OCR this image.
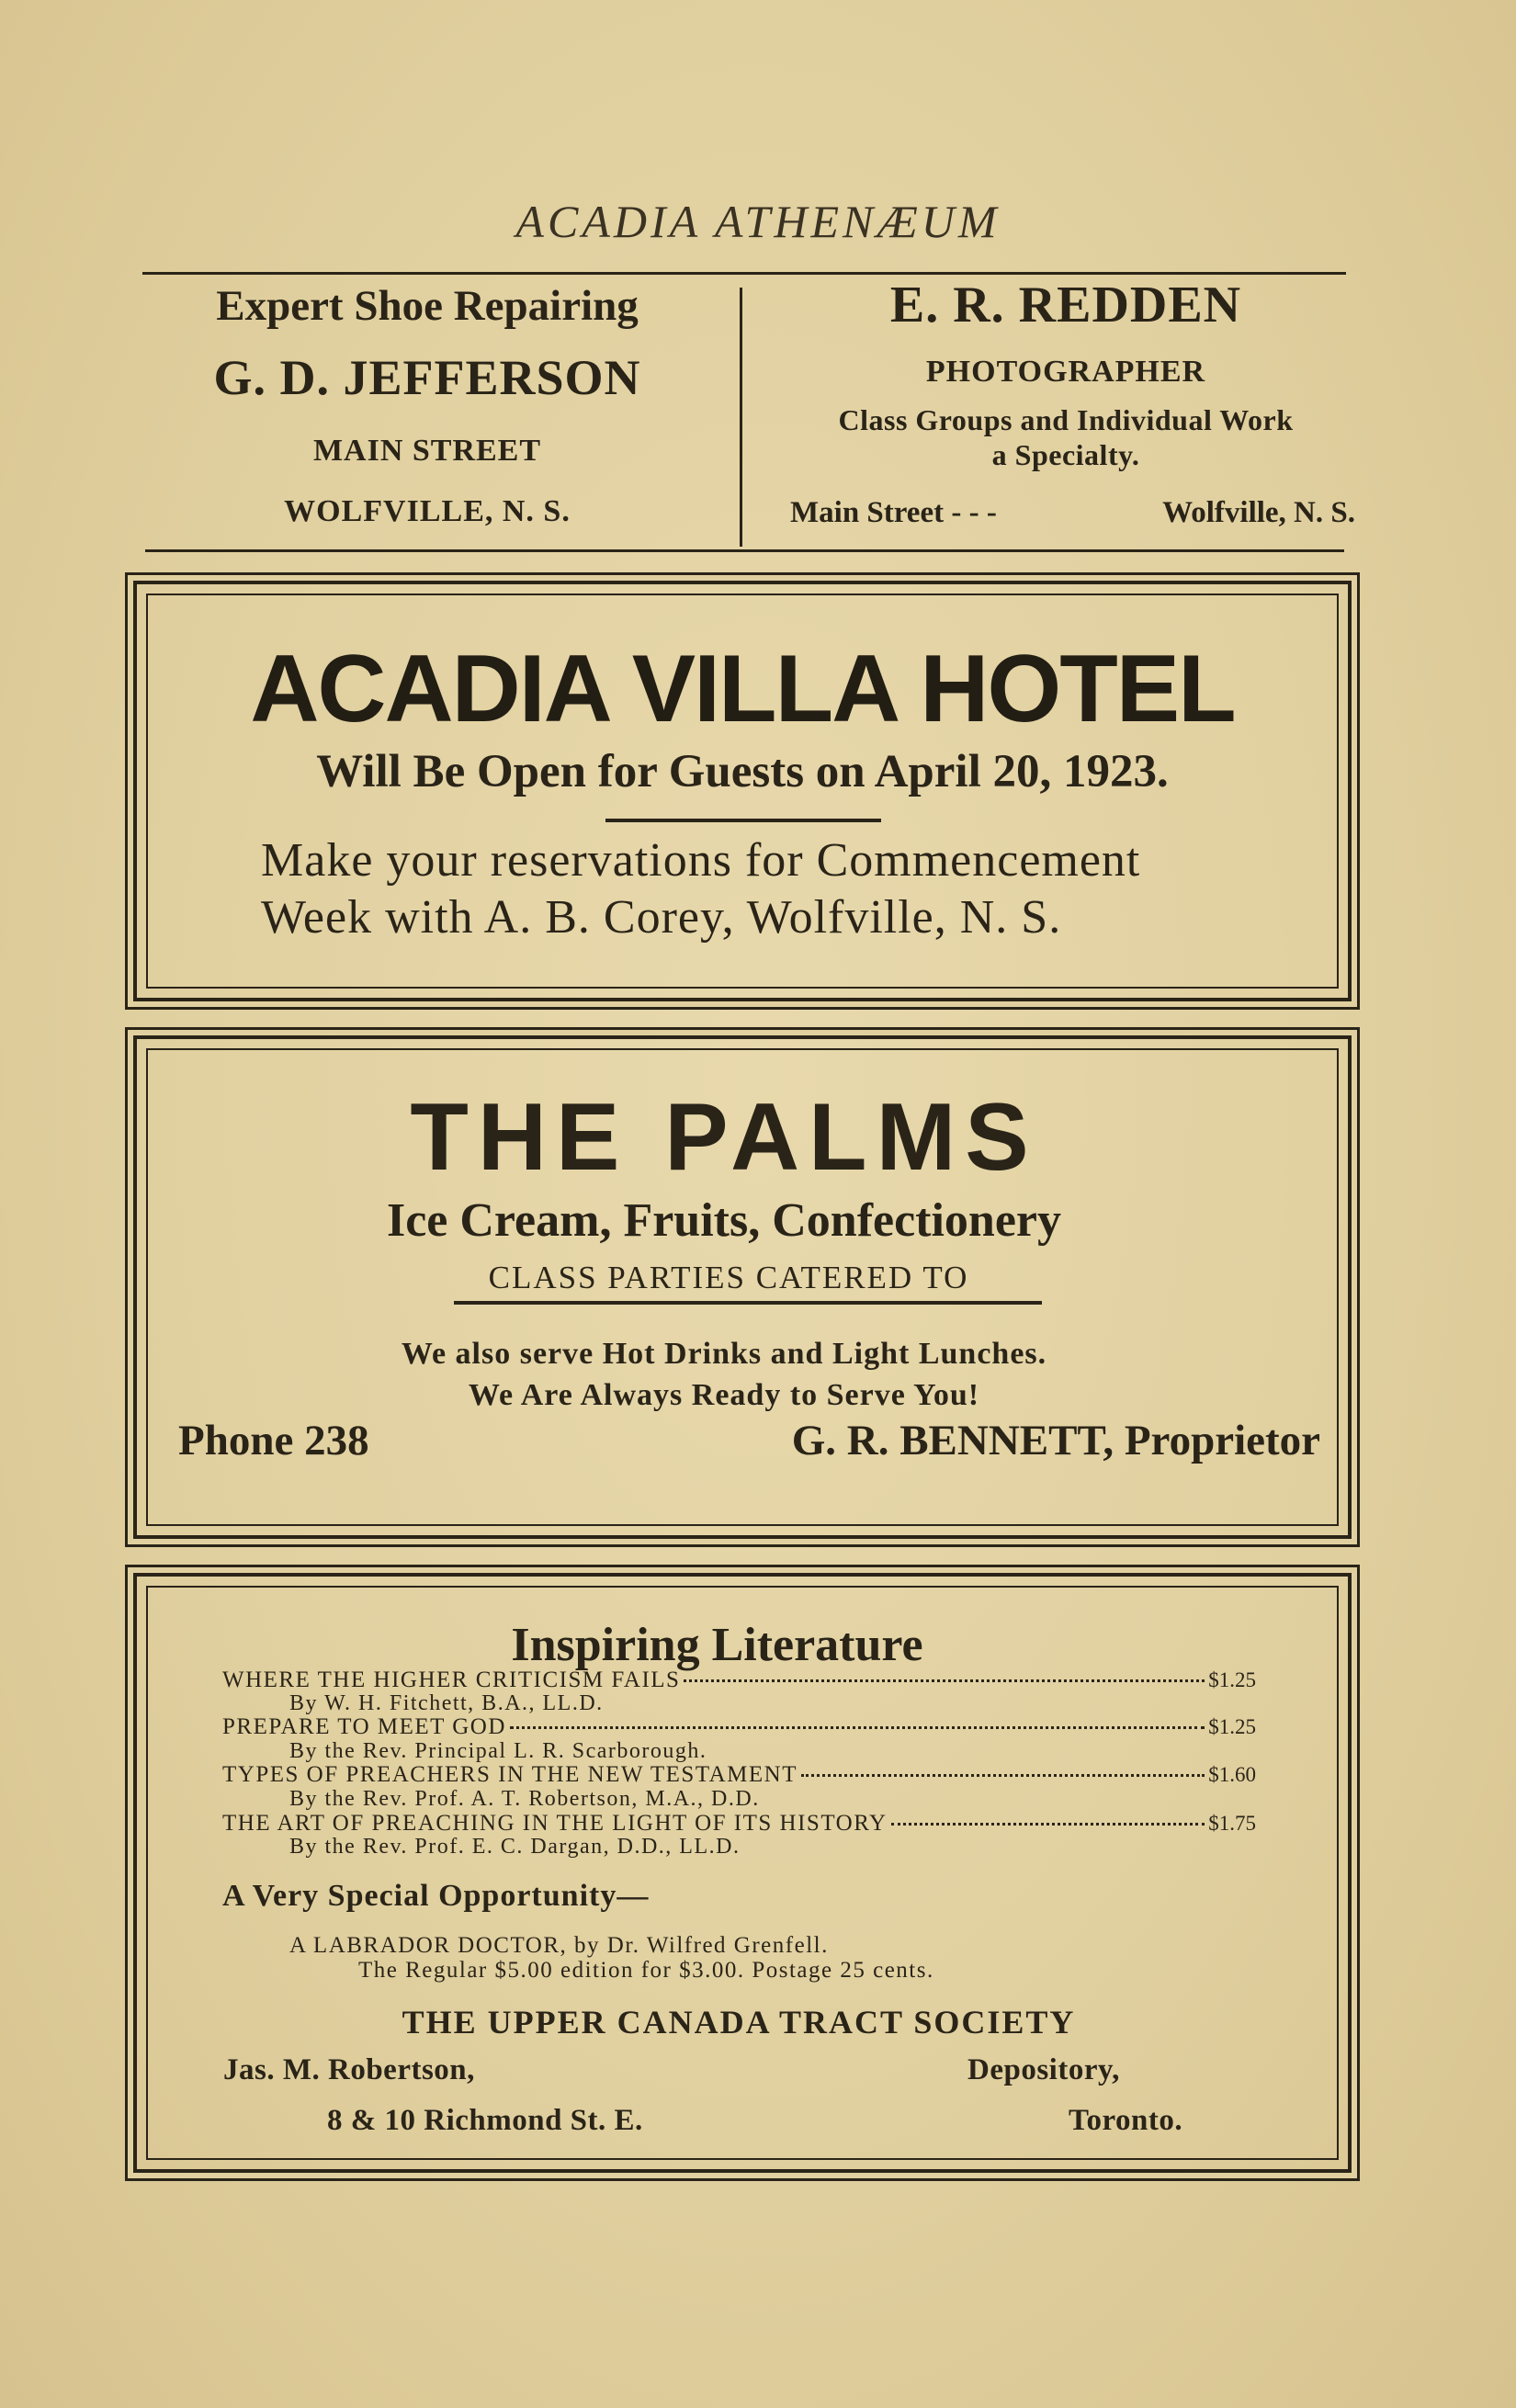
ACADIA ATHENÆUM
Expert Shoe Repairing
G. D. JEFFERSON
MAIN STREET
WOLFVILLE, N. S.
E. R. REDDEN
PHOTOGRAPHER
Class Groups and Individual Work
a Specialty.
Main Street - - -	Wolfville, N. S.
ACADIA VILLA HOTEL
Will Be Open for Guests on April 20, 1923.
Make your reservations for Commencement
Week with A. B. Corey, Wolfville, N. S.
THE PALMS
Ice Cream, Fruits, Confectionery
CLASS PARTIES CATERED TO
We also serve Hot Drinks and Light Lunches.
We Are Always Ready to Serve You!
Phone 238	G. R. BENNETT, Proprietor
Inspiring Literature
WHERE THE HIGHER CRITICISM FAILS	$1.25
By W. H. Fitchett, B.A., LL.D.
PREPARE TO MEET GOD	$1.25
By the Rev. Principal L. R. Scarborough.
TYPES OF PREACHERS IN THE NEW TESTAMENT	$1.60
By the Rev. Prof. A. T. Robertson, M.A., D.D.
THE ART OF PREACHING IN THE LIGHT OF ITS HISTORY	$1.75
By the Rev. Prof. E. C. Dargan, D.D., LL.D.
A Very Special Opportunity—
A LABRADOR DOCTOR, by Dr. Wilfred Grenfell.
The Regular $5.00 edition for $3.00. Postage 25 cents.
THE UPPER CANADA TRACT SOCIETY
Jas. M. Robertson,	Depository,
8 & 10 Richmond St. E.	Toronto.
